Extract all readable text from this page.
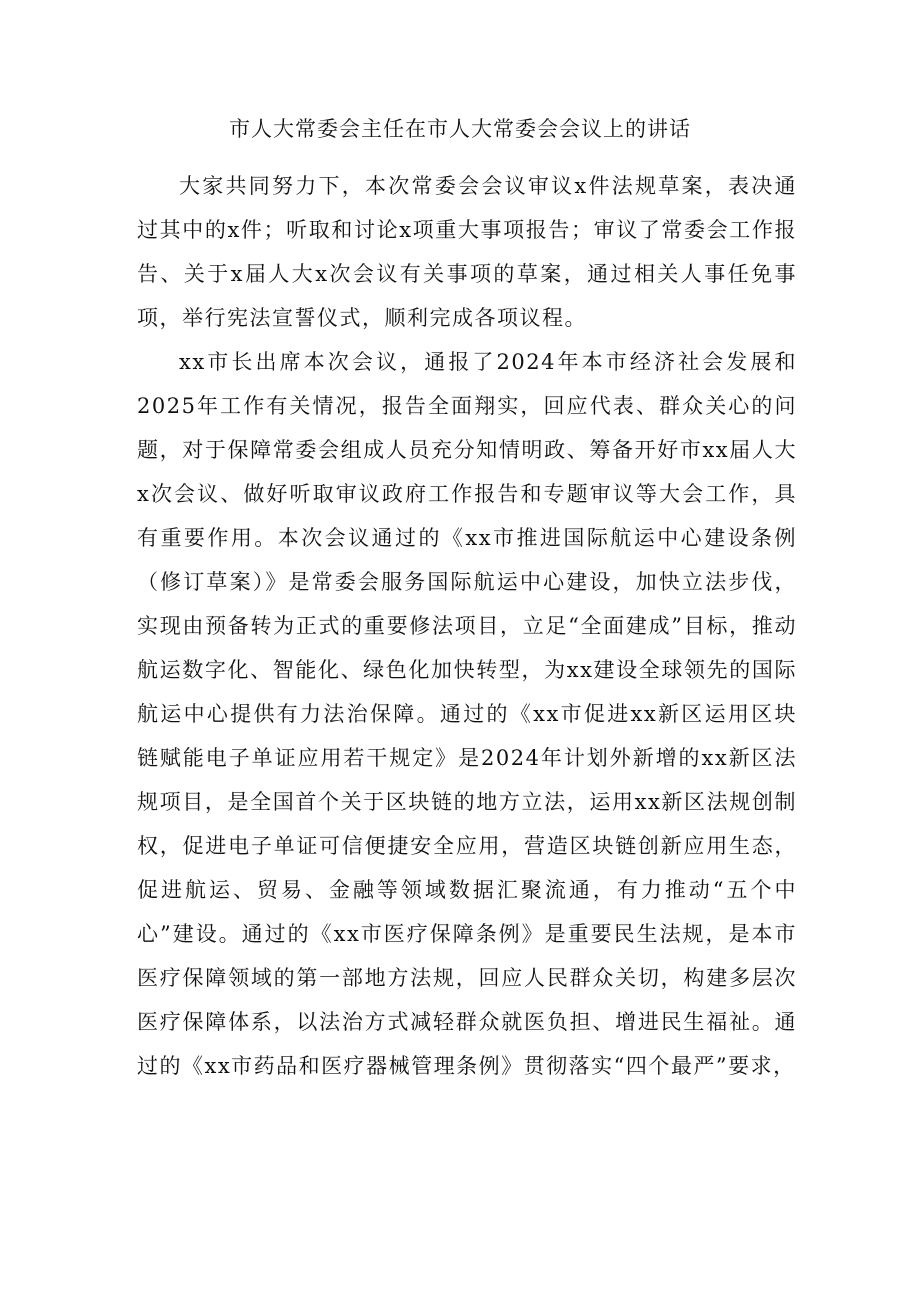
市人大常委会主任在市人大常委会会议上的讲话

大家共同努力下，本次常委会会议审议x件法规草案，表决通过其中的x件；听取和讨论x项重大事项报告；审议了常委会工作报告、关于x届人大x次会议有关事项的草案，通过相关人事任免事项，举行宪法宣誓仪式，顺利完成各项议程。

xx市长出席本次会议，通报了2024年本市经济社会发展和2025年工作有关情况，报告全面翔实，回应代表、群众关心的问题，对于保障常委会组成人员充分知情明政、筹备开好市xx届人大x次会议、做好听取审议政府工作报告和专题审议等大会工作，具有重要作用。本次会议通过的《xx市推进国际航运中心建设条例（修订草案）》是常委会服务国际航运中心建设，加快立法步伐，实现由预备转为正式的重要修法项目，立足“全面建成”目标，推动航运数字化、智能化、绿色化加快转型，为xx建设全球领先的国际航运中心提供有力法治保障。通过的《xx市促进xx新区运用区块链赋能电子单证应用若干规定》是2024年计划外新增的xx新区法规项目，是全国首个关于区块链的地方立法，运用xx新区法规创制权，促进电子单证可信便捷安全应用，营造区块链创新应用生态，促进航运、贸易、金融等领域数据汇聚流通，有力推动“五个中心”建设。通过的《xx市医疗保障条例》是重要民生法规，是本市医疗保障领域的第一部地方法规，回应人民群众关切，构建多层次医疗保障体系，以法治方式减轻群众就医负担、增进民生福祉。通过的《xx市药品和医疗器械管理条例》贯彻落实“四个最严”要求，
